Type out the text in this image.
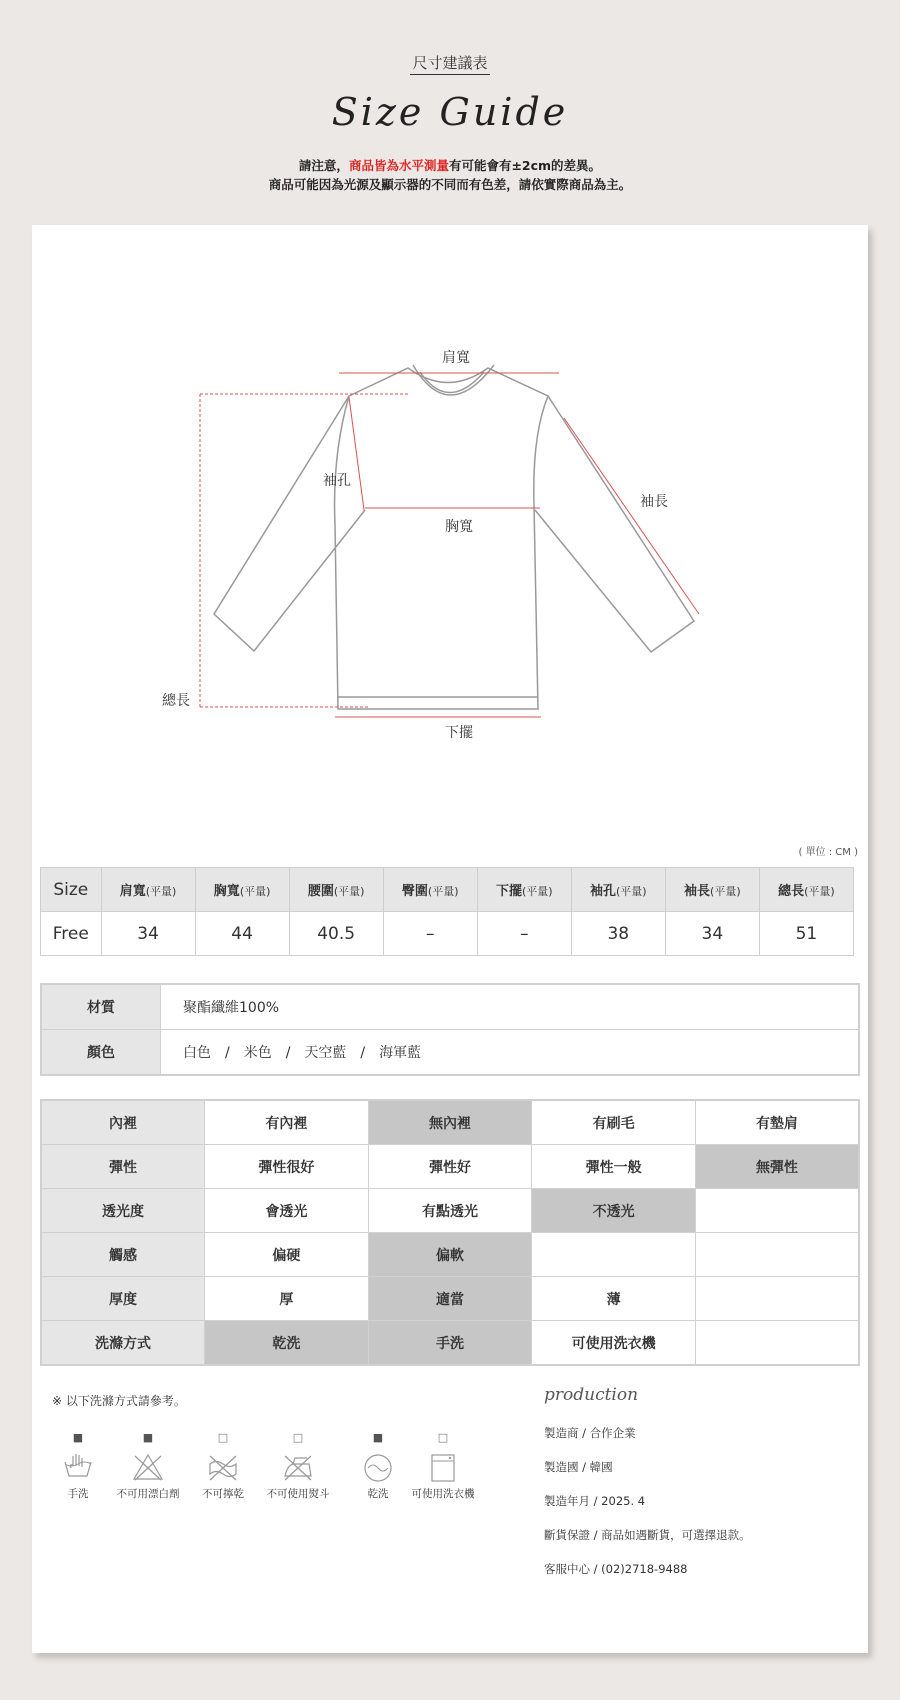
尺寸建議表
Size Guide
請注意，商品皆為水平測量有可能會有±2cm的差異。
商品可能因為光源及顯示器的不同而有色差，請依實際商品為主。
肩寬
袖孔
袖長
胸寬
總長
下擺
( 單位 : CM )
Size	肩寬(平量)	胸寬(平量)	腰圍(平量)	臀圍(平量)	下擺(平量)	袖孔(平量)	袖長(平量)	總長(平量)
Free	34	44	40.5	–	–	38	34	51
材質	聚酯纖維100%
顏色	白色　/　米色　/　天空藍　/　海軍藍
內裡	有內裡	無內裡	有刷毛	有墊肩
彈性	彈性很好	彈性好	彈性一般	無彈性
透光度	會透光	有點透光	不透光	
觸感	偏硬	偏軟		
厚度	厚	適當	薄	
洗滌方式	乾洗	手洗	可使用洗衣機	
※ 以下洗滌方式請參考。
■
手洗
■
不可用漂白劑
□
不可擰乾
□
不可使用熨斗
■
乾洗
□
可使用洗衣機
production
製造商 / 合作企業
製造國 / 韓國
製造年月 / 2025. 4
斷貨保證 / 商品如遇斷貨，可選擇退款。
客服中心 / (02)2718-9488
